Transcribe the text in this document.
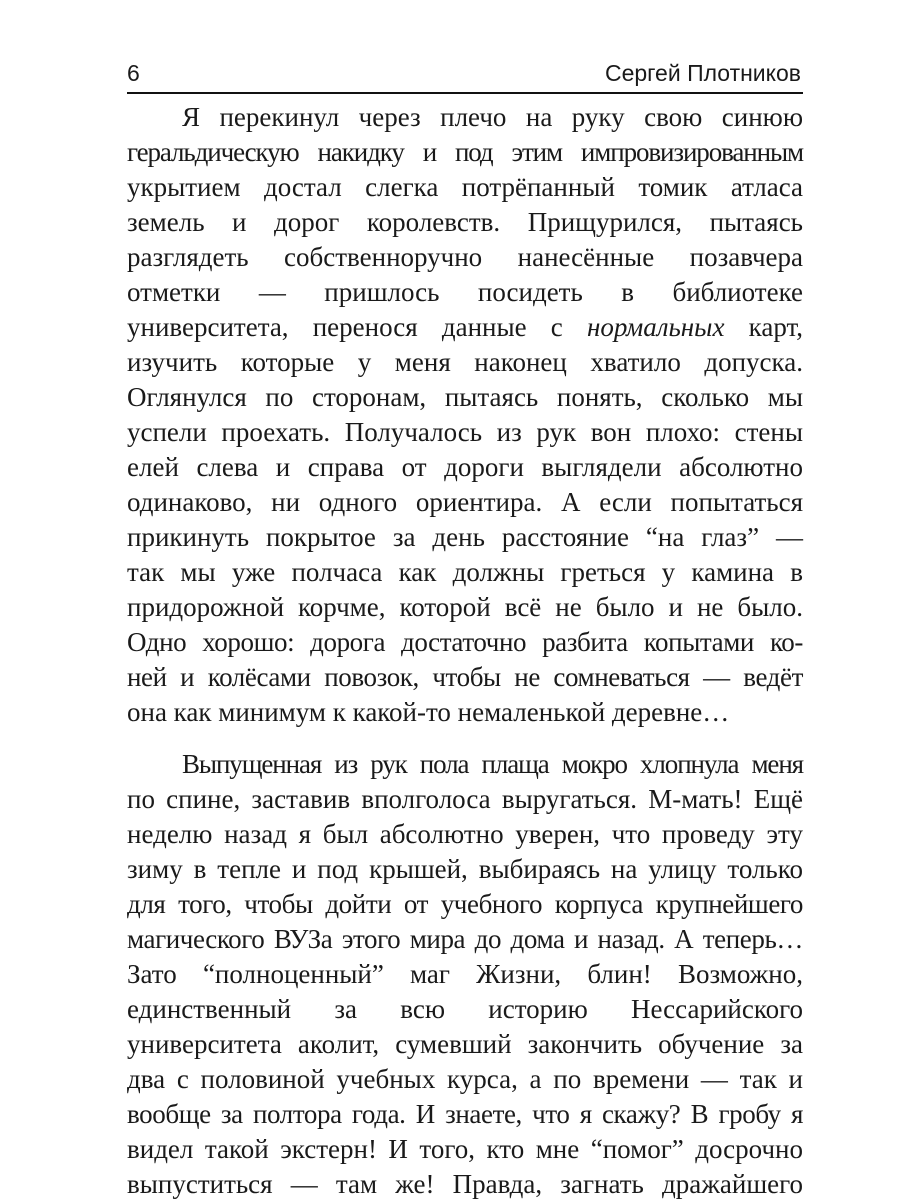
6	Сергей Плотников
Я перекинул через плечо на руку свою синюю
геральдическую накидку и под этим импровизированным
укрытием достал слегка потрёпанный томик атласа
земель и дорог королевств. Прищурился, пытаясь
разглядеть собственноручно нанесённые позавчера
отметки — пришлось посидеть в библиотеке
университета, перенося данные с нормальных карт,
изучить которые у меня наконец хватило допуска.
Оглянулся по сторонам, пытаясь понять, сколько мы
успели проехать. Получалось из рук вон плохо: стены
елей слева и справа от дороги выглядели абсолютно
одинаково, ни одного ориентира. А если попытаться
прикинуть покрытое за день расстояние “на глаз” —
так мы уже полчаса как должны греться у камина в
придорожной корчме, которой всё не было и не было.
Одно хорошо: дорога достаточно разбита копытами ко-
ней и колёсами повозок, чтобы не сомневаться — ведёт
она как минимум к какой-то немаленькой деревне…
Выпущенная из рук пола плаща мокро хлопнула меня
по спине, заставив вполголоса выругаться. М-мать! Ещё
неделю назад я был абсолютно уверен, что проведу эту
зиму в тепле и под крышей, выбираясь на улицу только
для того, чтобы дойти от учебного корпуса крупнейшего
магического ВУЗа этого мира до дома и назад. А теперь…
Зато “полноценный” маг Жизни, блин! Возможно,
единственный за всю историю Нессарийского
университета аколит, сумевший закончить обучение за
два с половиной учебных курса, а по времени — так и
вообще за полтора года. И знаете, что я скажу? В гробу я
видел такой экстерн! И того, кто мне “помог” досрочно
выпуститься — там же! Правда, загнать дражайшего
